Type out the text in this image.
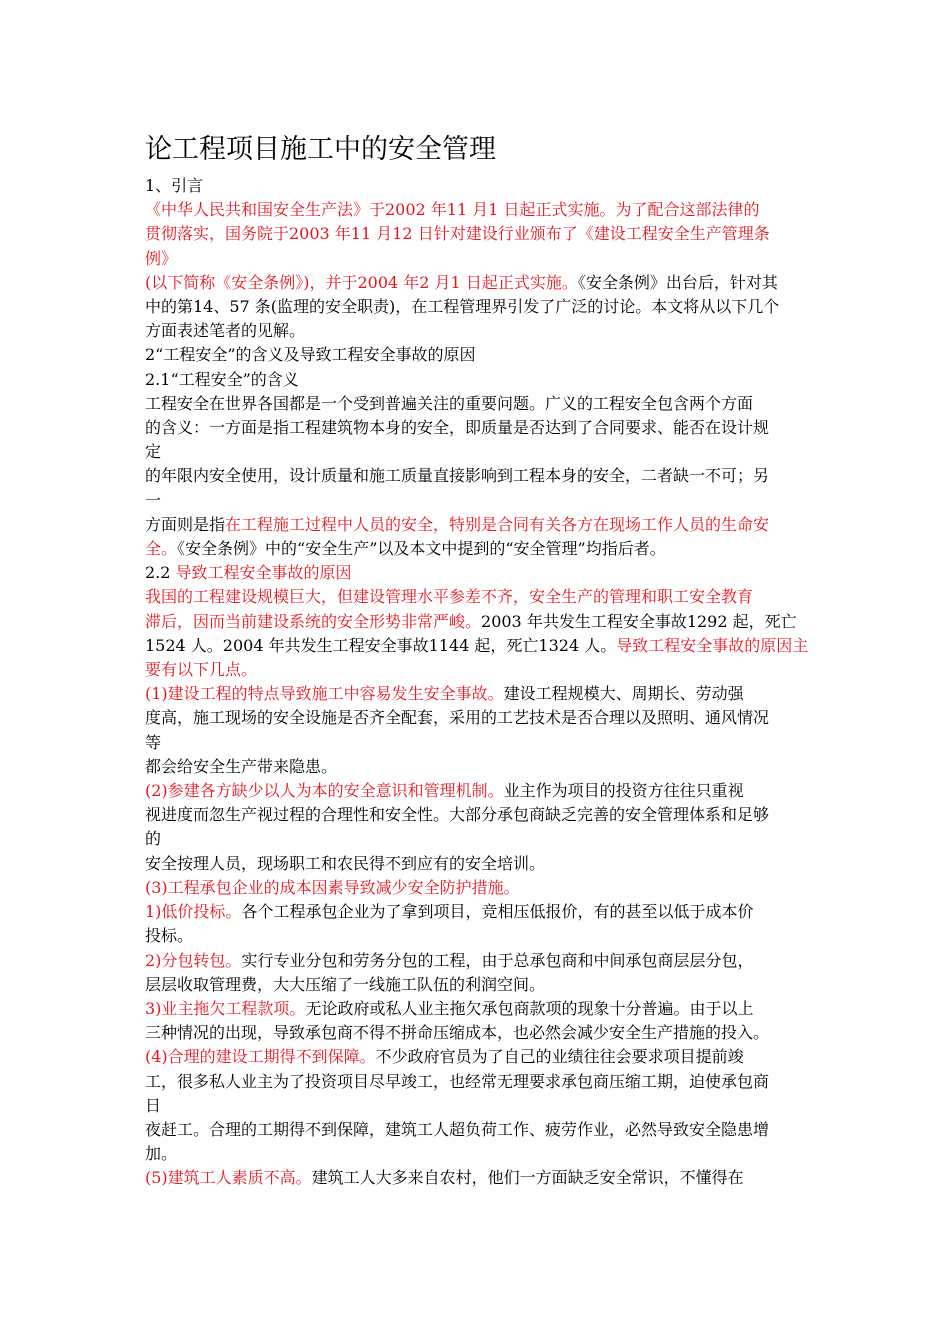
论工程项目施工中的安全管理
1、引言
《中华人民共和国安全生产法》于2002 年11 月1 日起正式实施。为了配合这部法律的
贯彻落实，国务院于2003 年11 月12 日针对建设行业颁布了《建设工程安全生产管理条
例》
(以下简称《安全条例》)，并于2004 年2 月1 日起正式实施。《安全条例》出台后，针对其
中的第14、57 条(监理的安全职责)，在工程管理界引发了广泛的讨论。本文将从以下几个
方面表述笔者的见解。
2“工程安全”的含义及导致工程安全事故的原因
2.1“工程安全”的含义
工程安全在世界各国都是一个受到普遍关注的重要问题。广义的工程安全包含两个方面
的含义：一方面是指工程建筑物本身的安全，即质量是否达到了合同要求、能否在设计规
定
的年限内安全使用，设计质量和施工质量直接影响到工程本身的安全，二者缺一不可；另
一
方面则是指在工程施工过程中人员的安全，特别是合同有关各方在现场工作人员的生命安
全。《安全条例》中的“安全生产”以及本文中提到的“安全管理”均指后者。
2.2 导致工程安全事故的原因
我国的工程建设规模巨大，但建设管理水平参差不齐，安全生产的管理和职工安全教育
滞后，因而当前建设系统的安全形势非常严峻。2003 年共发生工程安全事故1292 起，死亡
1524 人。2004 年共发生工程安全事故1144 起，死亡1324 人。导致工程安全事故的原因主
要有以下几点。
(1)建设工程的特点导致施工中容易发生安全事故。建设工程规模大、周期长、劳动强
度高，施工现场的安全设施是否齐全配套，采用的工艺技术是否合理以及照明、通风情况
等
都会给安全生产带来隐患。
(2)参建各方缺少以人为本的安全意识和管理机制。业主作为项目的投资方往往只重视
视进度而忽生产视过程的合理性和安全性。大部分承包商缺乏完善的安全管理体系和足够
的
安全按理人员，现场职工和农民得不到应有的安全培训。
(3)工程承包企业的成本因素导致减少安全防护措施。
1)低价投标。各个工程承包企业为了拿到项目，竞相压低报价，有的甚至以低于成本价
投标。
2)分包转包。实行专业分包和劳务分包的工程，由于总承包商和中间承包商层层分包，
层层收取管理费，大大压缩了一线施工队伍的利润空间。
3)业主拖欠工程款项。无论政府或私人业主拖欠承包商款项的现象十分普遍。由于以上
三种情况的出现，导致承包商不得不拼命压缩成本，也必然会减少安全生产措施的投入。
(4)合理的建设工期得不到保障。不少政府官员为了自己的业绩往往会要求项目提前竣
工，很多私人业主为了投资项目尽早竣工，也经常无理要求承包商压缩工期，迫使承包商
日
夜赶工。合理的工期得不到保障，建筑工人超负荷工作、疲劳作业，必然导致安全隐患增
加。
(5)建筑工人素质不高。建筑工人大多来自农村，他们一方面缺乏安全常识，不懂得在
